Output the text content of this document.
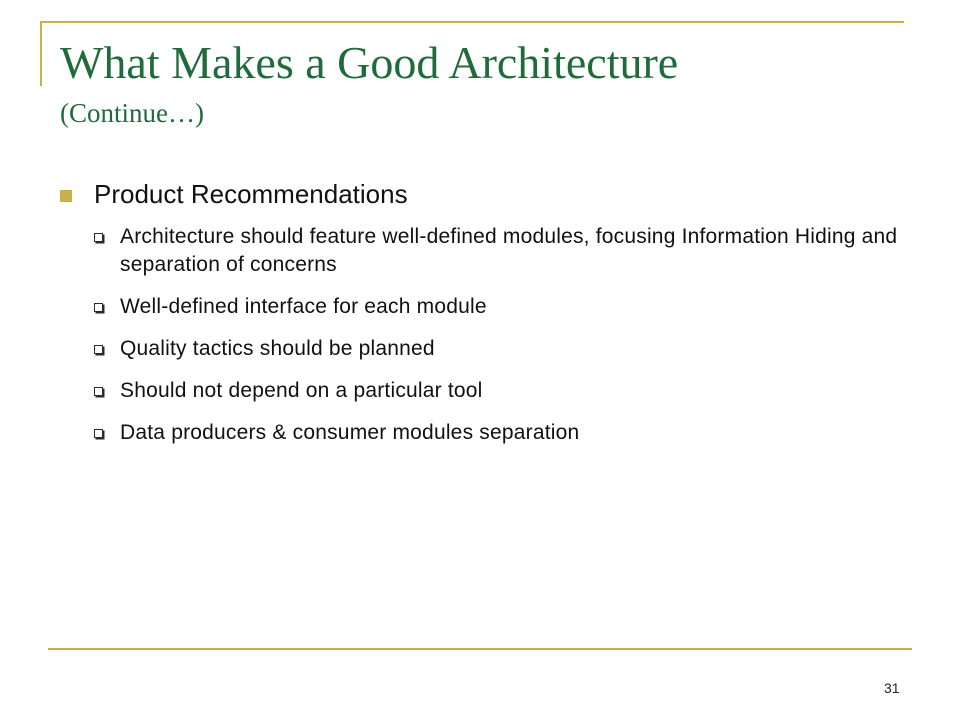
What Makes a Good Architecture
(Continue…)
Product Recommendations
Architecture should feature well-defined modules, focusing Information Hiding and separation of concerns
Well-defined interface for each module
Quality tactics should be planned
Should not depend on a particular tool
Data producers & consumer modules separation
31
